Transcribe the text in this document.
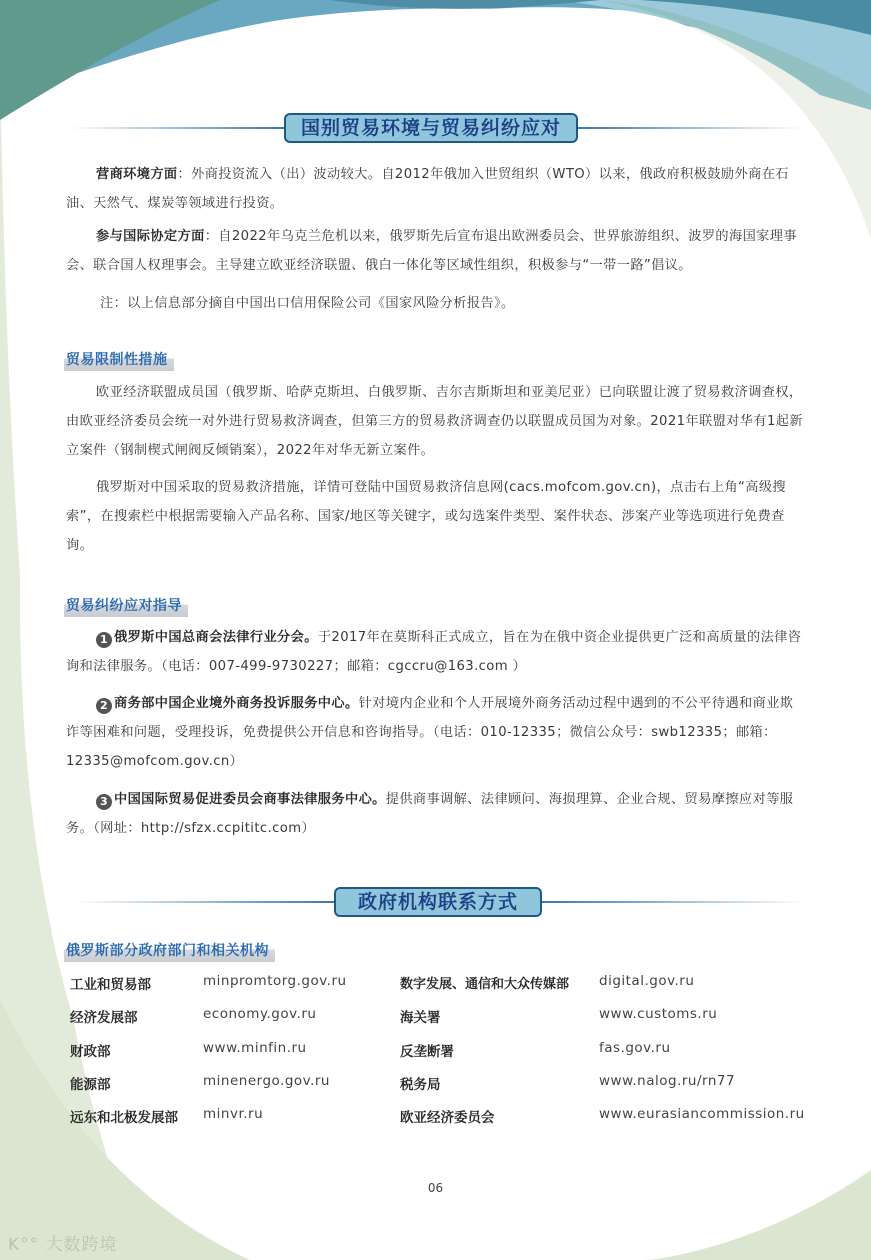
国别贸易环境与贸易纠纷应对
营商环境方面：外商投资流入（出）波动较大。自2012年俄加入世贸组织（WTO）以来，俄政府积极鼓励外商在石油、天然气、煤炭等领域进行投资。
参与国际协定方面：自2022年乌克兰危机以来，俄罗斯先后宣布退出欧洲委员会、世界旅游组织、波罗的海国家理事会、联合国人权理事会。主导建立欧亚经济联盟、俄白一体化等区域性组织，积极参与“一带一路”倡议。
注：以上信息部分摘自中国出口信用保险公司《国家风险分析报告》。
贸易限制性措施
欧亚经济联盟成员国（俄罗斯、哈萨克斯坦、白俄罗斯、吉尔吉斯斯坦和亚美尼亚）已向联盟让渡了贸易救济调查权，由欧亚经济委员会统一对外进行贸易救济调查，但第三方的贸易救济调查仍以联盟成员国为对象。2021年联盟对华有1起新立案件（钢制楔式闸阀反倾销案），2022年对华无新立案件。
俄罗斯对中国采取的贸易救济措施，详情可登陆中国贸易救济信息网(cacs.mofcom.gov.cn)，点击右上角“高级搜索”，在搜索栏中根据需要输入产品名称、国家/地区等关键字，或勾选案件类型、案件状态、涉案产业等选项进行免费查询。
贸易纠纷应对指导
1 俄罗斯中国总商会法律行业分会。于2017年在莫斯科正式成立，旨在为在俄中资企业提供更广泛和高质量的法律咨询和法律服务。（电话：007-499-9730227；邮箱：cgccru@163.com ）
2 商务部中国企业境外商务投诉服务中心。针对境内企业和个人开展境外商务活动过程中遇到的不公平待遇和商业欺诈等困难和问题，受理投诉，免费提供公开信息和咨询指导。（电话：010-12335；微信公众号：swb12335；邮箱：12335@mofcom.gov.cn）
3 中国国际贸易促进委员会商事法律服务中心。提供商事调解、法律顾问、海损理算、企业合规、贸易摩擦应对等服务。（网址：http://sfzx.ccpititc.com）
政府机构联系方式
俄罗斯部分政府部门和相关机构
工业和贸易部	minpromtorg.gov.ru	数字发展、通信和大众传媒部 digital.gov.ru
经济发展部	economy.gov.ru	海关署	www.customs.ru
财政部	www.minfin.ru	反垄断署	fas.gov.ru
能源部	minenergo.gov.ru	税务局	www.nalog.ru/rn77
远东和北极发展部 minvr.ru	欧亚经济委员会	www.eurasiancommission.ru
06
K°° 大数跨境
